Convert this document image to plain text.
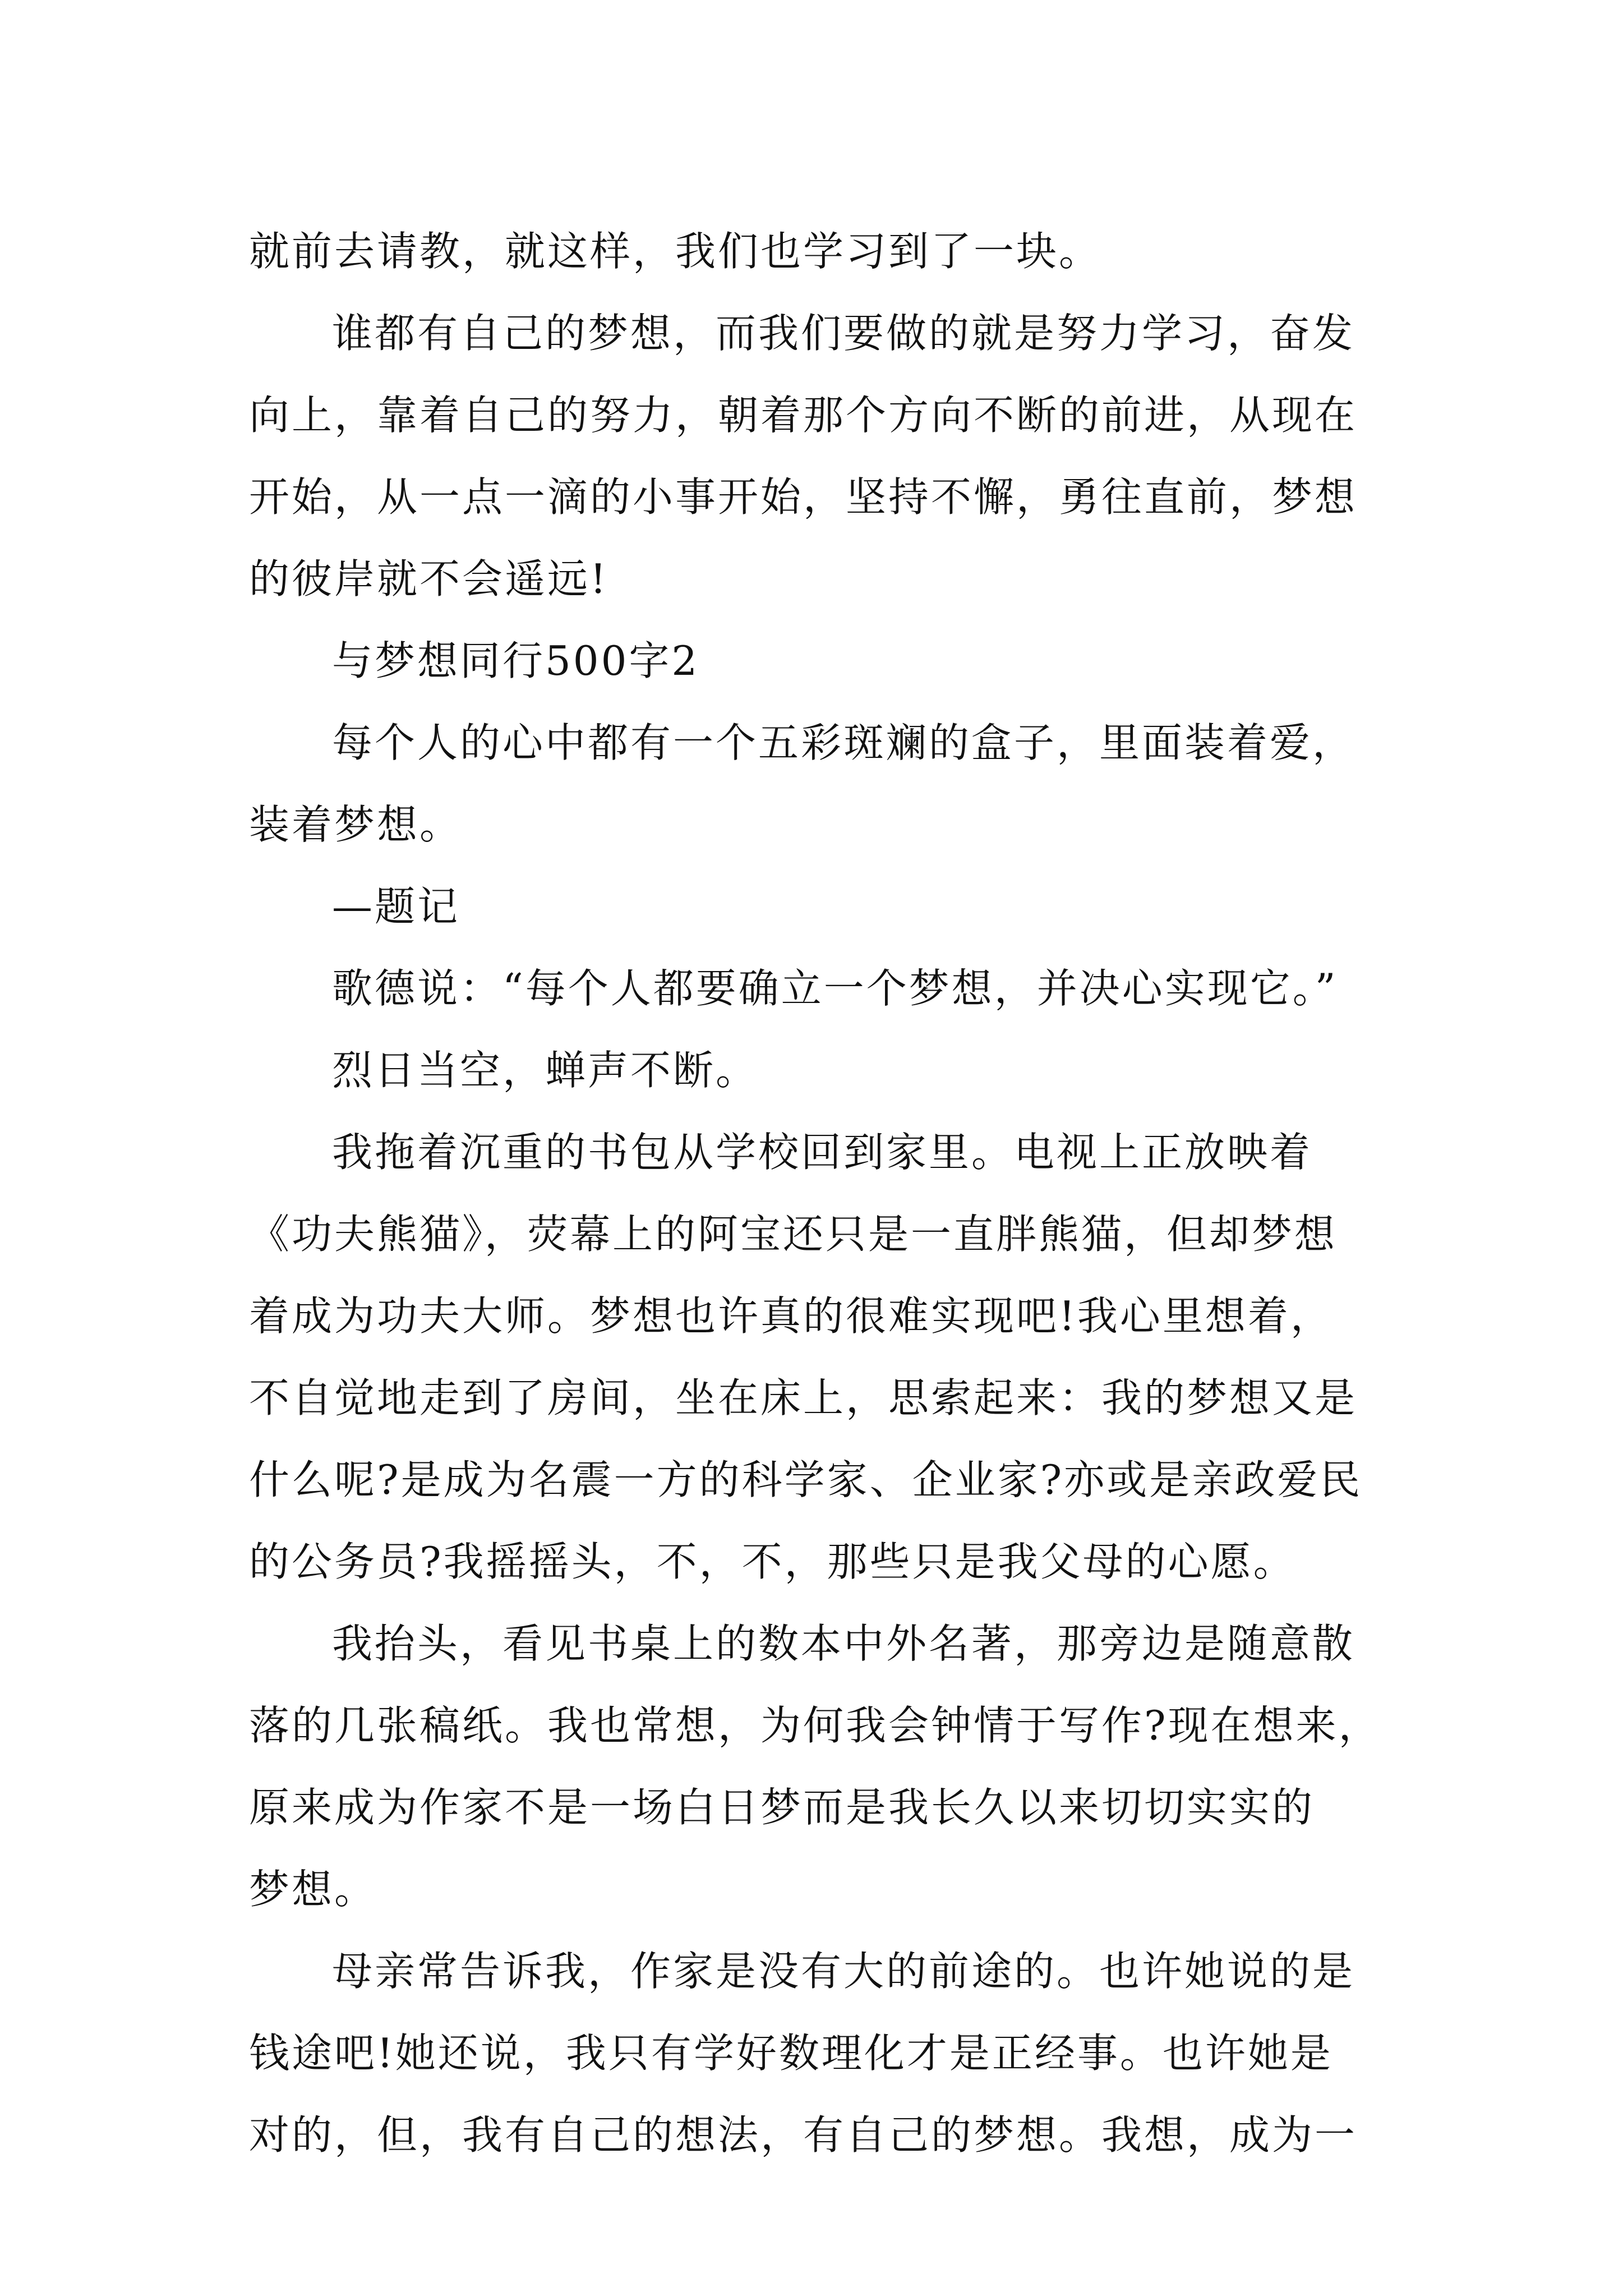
就前去请教，就这样，我们也学习到了一块。
谁都有自己的梦想，而我们要做的就是努力学习，奋发
向上，靠着自己的努力，朝着那个方向不断的前进，从现在
开始，从一点一滴的小事开始，坚持不懈，勇往直前，梦想
的彼岸就不会遥远!
与梦想同行500字2
每个人的心中都有一个五彩斑斓的盒子，里面装着爱，
装着梦想。
—题记
歌德说：“每个人都要确立一个梦想，并决心实现它。”
烈日当空，蝉声不断。
我拖着沉重的书包从学校回到家里。电视上正放映着
《功夫熊猫》，荧幕上的阿宝还只是一直胖熊猫，但却梦想
着成为功夫大师。梦想也许真的很难实现吧!我心里想着，
不自觉地走到了房间，坐在床上，思索起来：我的梦想又是
什么呢?是成为名震一方的科学家、企业家?亦或是亲政爱民
的公务员?我摇摇头，不，不，那些只是我父母的心愿。
我抬头，看见书桌上的数本中外名著，那旁边是随意散
落的几张稿纸。我也常想，为何我会钟情于写作?现在想来，
原来成为作家不是一场白日梦而是我长久以来切切实实的
梦想。
母亲常告诉我，作家是没有大的前途的。也许她说的是
钱途吧!她还说，我只有学好数理化才是正经事。也许她是
对的，但，我有自己的想法，有自己的梦想。我想，成为一
